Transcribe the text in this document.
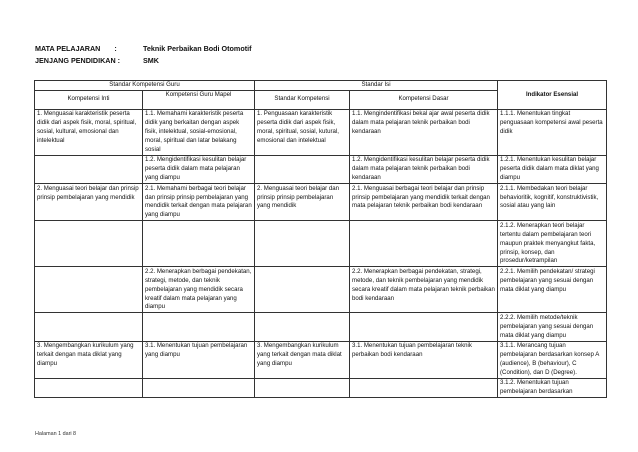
MATA PELAJARAN :	Teknik Perbaikan Bodi Otomotif
JENJANG PENDIDIKAN :	SMK
Standar Kompetensi Guru		Standar Isi		Indikator Esensial
Kompetensi Inti	Kompetensi Guru Mapel	Standar Kompetensi	Kompetensi Dasar	
1. Menguasai karakteristik peserta didik dari aspek fisik, moral, spiritual, sosial, kultural, emosional dan intelektual	1.1. Memahami karakteristik peserta didik yang berkaitan dengan aspek fisik, intelektual, sosial-emosional, moral, spiritual dan latar belakang sosial	1. Penguasaan karakteristik peserta didik dari aspek fisik, moral, spiritual, sosial, kutural, emosional dan intelektual	1.1. Mengindentifikasi bekal ajar awal peserta didik dalam mata pelajaran teknik perbaikan bodi kendaraan	1.1.1. Menentukan tingkat penguasaan kompetensi awal peserta didik
	1.2. Mengidentifikasi kesulitan belajar peserta didik dalam mata pelajaran yang diampu		1.2. Mengidentifikasi kesulitan belajar peserta didik dalam mata pelajaran teknik perbaikan bodi kendaraan	1.2.1. Menentukan kesulitan belajar peserta didik dalam mata diklat yang diampu
2. Menguasai teori belajar dan prinsip prinsip pembelajaran yang mendidik	2.1. Memahami berbagai teori belajar dan prinsip prinsip pembelajaran yang mendidik terkait dengan mata pelajaran yang diampu	2. Menguasai teori belajar dan prinsip prinsip pembelajaran yang mendidik	2.1. Menguasai berbagai teori belajar dan prinsip prinsip pembelajaran yang mendidik terkait dengan mata pelajaran teknik perbaikan bodi kendaraan	2.1.1. Membedakan teori belajar behavioritik, kognitif, konstruktivistik, sosial atau yang lain
				2.1.2. Menerapkan teori belajar tertentu dalam pembelajaran teori maupun praktek menyangkut fakta, prinsip, konsep, dan prosedur/ketrampilan
	2.2. Menerapkan berbagai pendekatan, strategi, metode, dan teknik pembelajaran yang mendidik secara kreatif dalam mata pelajaran yang diampu		2.2. Menerapkan berbagai pendekatan, strategi, metode, dan teknik pembelajaran yang mendidik secara kreatif dalam mata pelajaran teknik perbaikan bodi kendaraan	2.2.1. Memilih pendekatan/ strategi pembelajaran yang sesuai dengan mata diklat yang diampu
				2.2.2. Memilih metode/teknik pembelajaran yang sesuai dengan mata diklat yang diampu
3. Mengembangkan kurikulum yang terkait dengan mata diklat yang diampu	3.1. Menentukan tujuan pembelajaran yang diampu	3. Mengembangkan kurikulum yang terkait dengan mata diklat yang diampu	3.1. Menentukan tujuan pembelajaran teknik perbaikan bodi kendaraan	3.1.1. Merancang tujuan pembelajaran berdasarkan konsep A (audience), B (behaviour), C (Condition), dan D (Degree).
				3.1.2. Menentukan tujuan pembelajaran berdasarkan
Halaman 1 dari 8
